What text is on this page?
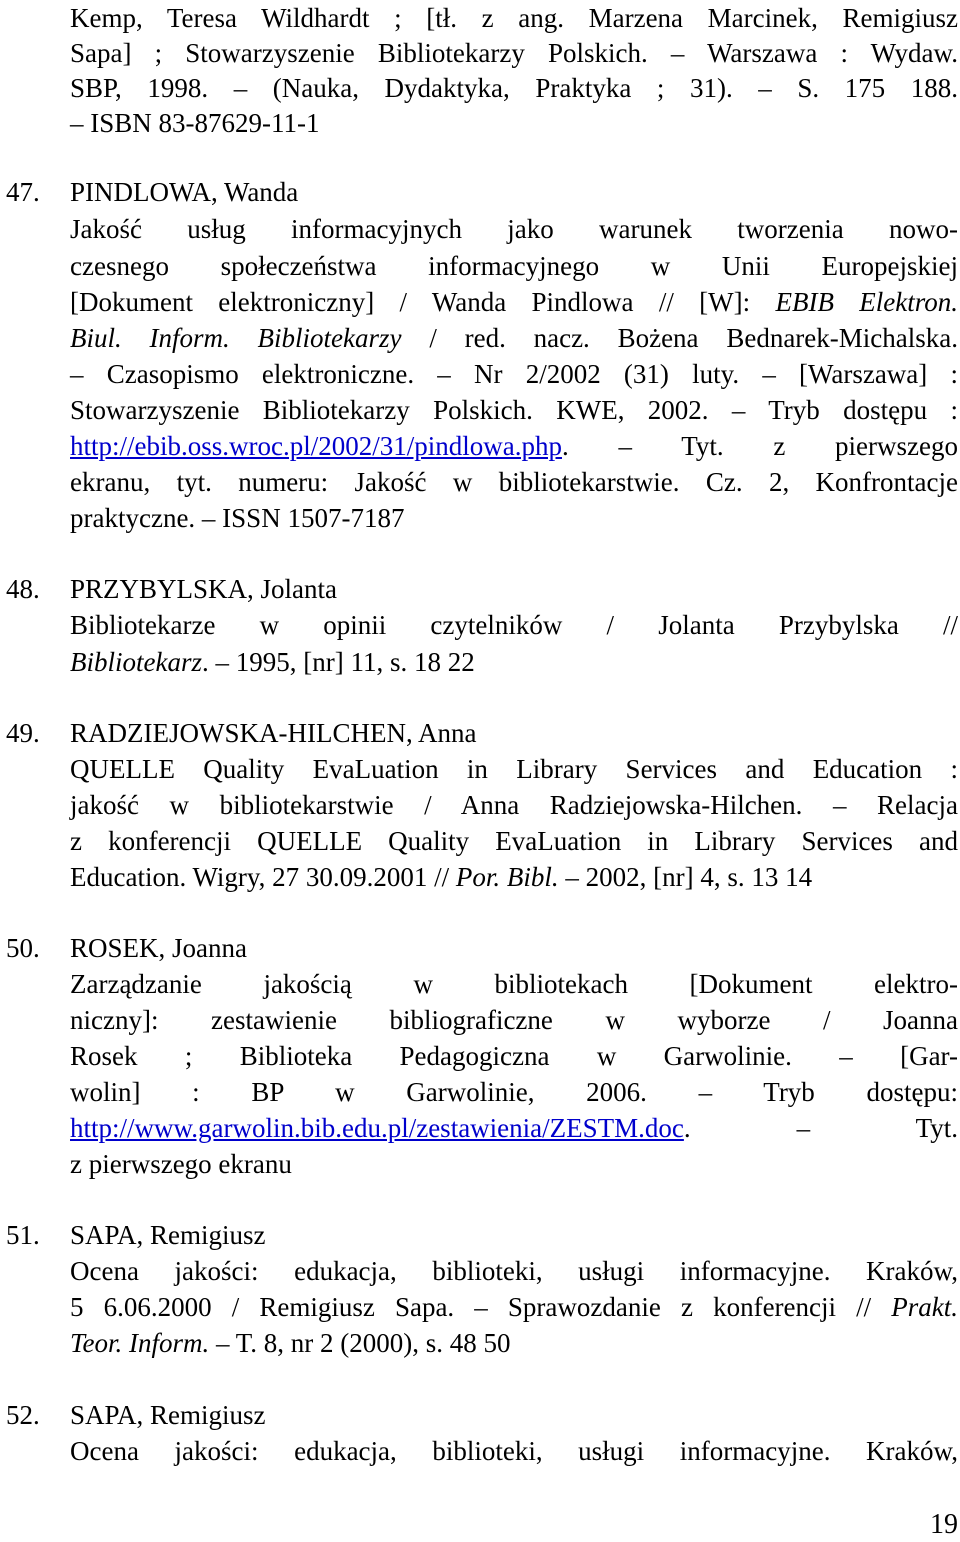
Kemp, Teresa Wildhardt ; [tł. z ang. Marzena Marcinek, Remigiusz
Sapa] ; Stowarzyszenie Bibliotekarzy Polskich. – Warszawa : Wydaw.
SBP, 1998. – (Nauka, Dydaktyka, Praktyka ; 31). – S. 175 188.
– ISBN 83-87629-11-1
47. PINDLOWA, Wanda
Jakość usług informacyjnych jako warunek tworzenia nowo-
czesnego społeczeństwa informacyjnego w Unii Europejskiej
[Dokument elektroniczny] / Wanda Pindlowa // [W]: EBIB Elektron.
Biul. Inform. Bibliotekarzy / red. nacz. Bożena Bednarek-Michalska.
– Czasopismo elektroniczne. – Nr 2/2002 (31) luty. – [Warszawa] :
Stowarzyszenie Bibliotekarzy Polskich. KWE, 2002. – Tryb dostępu :
http://ebib.oss.wroc.pl/2002/31/pindlowa.php. – Tyt. z pierwszego
ekranu, tyt. numeru: Jakość w bibliotekarstwie. Cz. 2, Konfrontacje
praktyczne. – ISSN 1507-7187
48. PRZYBYLSKA, Jolanta
Bibliotekarze w opinii czytelników / Jolanta Przybylska //
Bibliotekarz. – 1995, [nr] 11, s. 18 22
49. RADZIEJOWSKA-HILCHEN, Anna
QUELLE Quality EvaLuation in Library Services and Education :
jakość w bibliotekarstwie / Anna Radziejowska-Hilchen. – Relacja
z konferencji QUELLE Quality EvaLuation in Library Services and
Education. Wigry, 27 30.09.2001 // Por. Bibl. – 2002, [nr] 4, s. 13 14
50. ROSEK, Joanna
Zarządzanie jakością w bibliotekach [Dokument elektro-
niczny]: zestawienie bibliograficzne w wyborze / Joanna
Rosek ; Biblioteka Pedagogiczna w Garwolinie. – [Gar-
wolin] : BP w Garwolinie, 2006. – Tryb dostępu:
http://www.garwolin.bib.edu.pl/zestawienia/ZESTM.doc. – Tyt.
z pierwszego ekranu
51. SAPA, Remigiusz
Ocena jakości: edukacja, biblioteki, usługi informacyjne. Kraków,
5 6.06.2000 / Remigiusz Sapa. – Sprawozdanie z konferencji // Prakt.
Teor. Inform. – T. 8, nr 2 (2000), s. 48 50
52. SAPA, Remigiusz
Ocena jakości: edukacja, biblioteki, usługi informacyjne. Kraków,
19
